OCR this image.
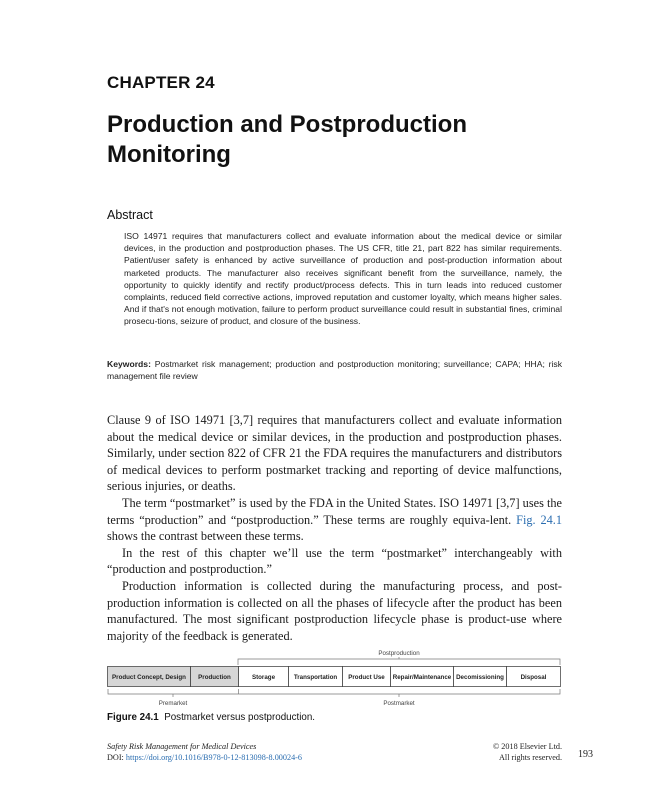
CHAPTER 24
Production and Postproduction Monitoring
Abstract

ISO 14971 requires that manufacturers collect and evaluate information about the medical device or similar devices, in the production and postproduction phases. The US CFR, title 21, part 822 has similar requirements. Patient/user safety is enhanced by active surveillance of production and post-production information about marketed products. The manufacturer also receives significant benefit from the surveillance, namely, the opportunity to quickly identify and rectify product/process defects. This in turn leads into reduced customer complaints, reduced field corrective actions, improved reputation and customer loyalty, which means higher sales. And if that's not enough motivation, failure to perform product surveillance could result in substantial fines, criminal prosecu-tions, seizure of product, and closure of the business.

Keywords: Postmarket risk management; production and postproduction monitoring; surveillance; CAPA; HHA; risk management file review

Clause 9 of ISO 14971 [3,7] requires that manufacturers collect and evaluate information about the medical device or similar devices, in the production and postproduction phases. Similarly, under section 822 of CFR 21 the FDA requires the manufacturers and distributors of medical devices to perform postmarket tracking and reporting of device malfunctions, serious injuries, or deaths.

The term “postmarket” is used by the FDA in the United States. ISO 14971 [3,7] uses the terms “production” and “postproduction.” These terms are roughly equiva-lent. Fig. 24.1 shows the contrast between these terms.

In the rest of this chapter we’ll use the term “postmarket” interchangeably with “production and postproduction.”

Production information is collected during the manufacturing process, and post-production information is collected on all the phases of lifecycle after the product has been manufactured. The most significant postproduction lifecycle phase is product-use where majority of the feedback is generated.

Postproduction
Product Concept, Design Production	Storage	Transportation Product Use Repair/Maintenance Decomissioning	Disposal
Premarket	Postmarket
Figure 24.1 Postmarket versus postproduction.
Safety Risk Management for Medical Devices
DOI: https://doi.org/10.1016/B978-0-12-813098-8.00024-6
© 2018 Elsevier Ltd.
All rights reserved. 193
